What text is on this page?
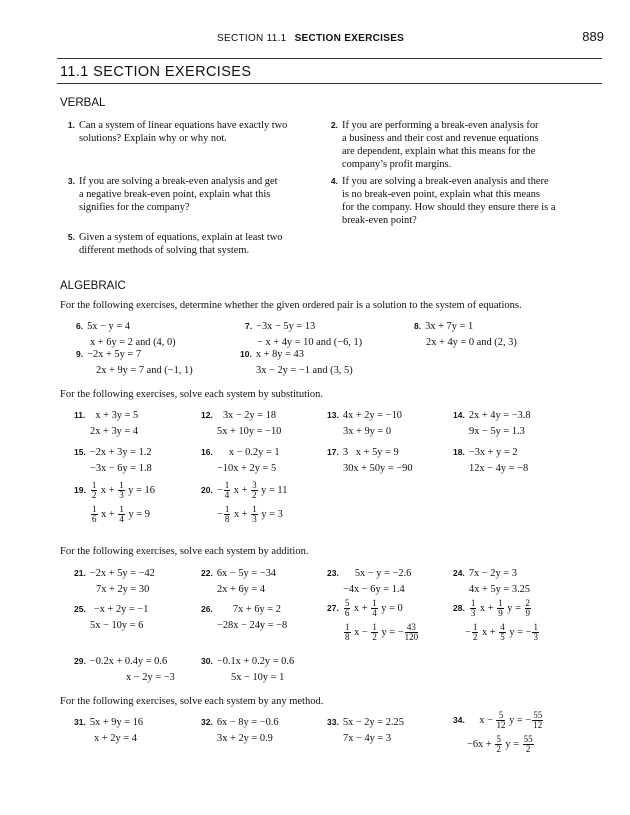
SECTION 11.1 SECTION EXERCISES	889
11.1 SECTION EXERCISES
VERBAL
1. Can a system of linear equations have exactly two
solutions? Explain why or why not.
2. If you are performing a break-even analysis for
a business and their cost and revenue equations
are dependent, explain what this means for the
company’s profit margins.
3. If you are solving a break-even analysis and get
a negative break-even point, explain what this
signifies for the company?
4. If you are solving a break-even analysis and there
is no break-even point, explain what this means
for the company. How should they ensure there is a
break-even point?
5. Given a system of equations, explain at least two
different methods of solving that system.
ALGEBRAIC
For the following exercises, determine whether the given ordered pair is a solution to the system of equations.
6. 5x − y = 4
x + 6y = 2 and (4, 0)
7. −3x − 5y = 13
− x + 4y = 10 and (−6, 1)
8. 3x + 7y = 1
2x + 4y = 0 and (2, 3)
9. −2x + 5y = 7
2x + 9y = 7 and (−1, 1)
10. x + 8y = 43
3x − 2y = −1 and (3, 5)
For the following exercises, solve each system by substitution.
11. x + 3y = 5
2x + 3y = 4
12. 3x − 2y = 18
5x + 10y = −10
13. 4x + 2y = −10
3x + 9y = 0
14. 2x + 4y = −3.8
9x − 5y = 1.3
15. −2x + 3y = 1.2
−3x − 6y = 1.8
16. x − 0.2y = 1
−10x + 2y = 5
17. 3   x + 5y = 9
30x + 50y = −90
18. −3x + y = 2
12x − 4y = −8
19. $\frac{1}{2}$ $x + \frac{1}{3}$ y = 16

$\frac{1}{6}$ $x + \frac{1}{4}$ y = 9
20. − $\frac{1}{4}$ $x + \frac{3}{2}$ y = 11
− $\frac{1}{8}$ $x + \frac{1}{3}$ y = 3
For the following exercises, solve each system by addition.
21. −2x + 5y = −42
7x + 2y = 30
22. 6x − 5y = −34
2x + 6y = 4
23. 5x − y = −2.6
−4x − 6y = 1.4
24. 7x − 2y = 3
4x + 5y = 3.25
25. −x + 2y = −1
5x − 10y = 6
26. 7x + 6y = 2
−28x − 24y = −8
27. $\frac{5}{6}$ $x + \frac{1}{4}$ y = 0

$\frac{1}{8}$ $x - \frac{1}{2}$ y = − $\frac{43}{120}$
28. $\frac{1}{3}$ $x + \frac{1}{9}$ $y = \frac{2}{9}$

− $\frac{1}{2}$ $x + \frac{4}{5}$ y = − $\frac{1}{3}$
29. −0.2x + 0.4y = 0.6
x − 2y = −3
30. −0.1x + 0.2y = 0.6
5x − 10y = 1
For the following exercises, solve each system by any method.
31. 5x + 9y = 16
x + 2y = 4
32. 6x − 8y = −0.6
3x + 2y = 0.9
33. 5x − 2y = 2.25
7x − 4y = 3
34.    $x - \frac{5}{12}$ y = − $\frac{55}{12}$

$-6x + \frac{5}{2}$ $y = \frac{55}{2}$
